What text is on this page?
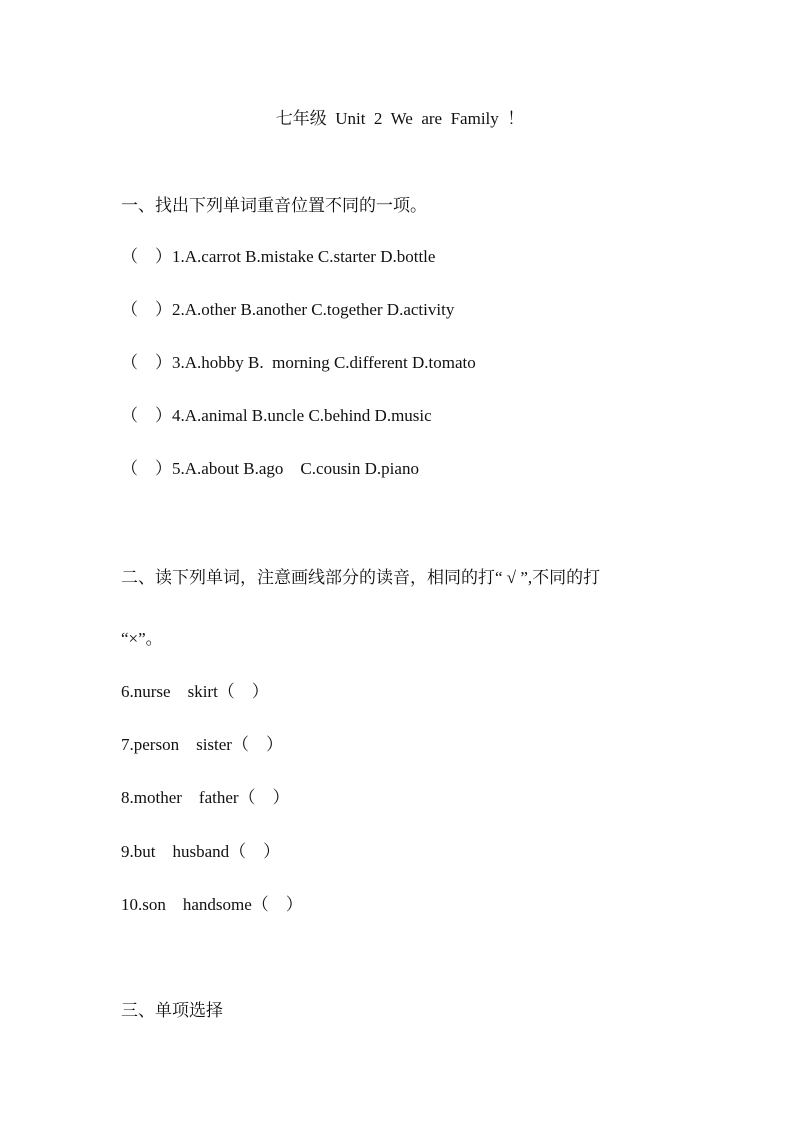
七年级  Unit  2  We  are  Family  ！
一、找出下列单词重音位置不同的一项。
（    ）1.A.carrot B.mistake C.starter D.bottle
（    ）2.A.other B.another C.together D.activity
（    ）3.A.hobby B.  morning C.different D.tomato
（    ）4.A.animal B.uncle C.behind D.music
（    ）5.A.about B.ago    C.cousin D.piano
二、读下列单词，注意画线部分的读音，相同的打“ √ ”,不同的打
“×”。
6.nurse    skirt（    ）
7.person    sister（    ）
8.mother    father（    ）
9.but    husband（    ）
10.son    handsome（    ）
三、单项选择
